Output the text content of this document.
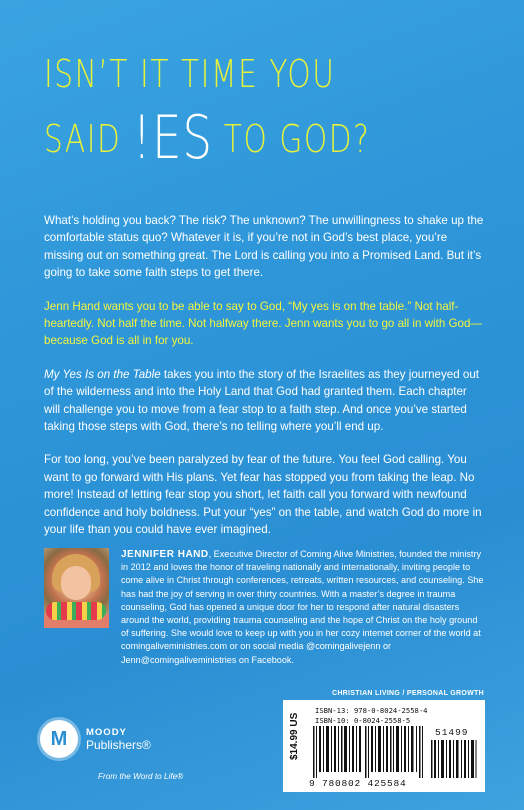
ISN’T IT TIME YOU
SAID !ES TO GOD?

What’s holding you back? The risk? The unknown? The unwillingness to shake up the comfortable status quo? Whatever it is, if you’re not in God’s best place, you’re missing out on something great. The Lord is calling you into a Promised Land. But it’s going to take some faith steps to get there.

Jenn Hand wants you to be able to say to God, “My yes is on the table.” Not half-heartedly. Not half the time. Not halfway there. Jenn wants you to go all in with God—because God is all in for you.

My Yes Is on the Table takes you into the story of the Israelites as they journeyed out of the wilderness and into the Holy Land that God had granted them. Each chapter will challenge you to move from a fear stop to a faith step. And once you’ve started taking those steps with God, there’s no telling where you’ll end up.

For too long, you’ve been paralyzed by fear of the future. You feel God calling. You want to go forward with His plans. Yet fear has stopped you from taking the leap. No more! Instead of letting fear stop you short, let faith call you forward with newfound confidence and holy boldness. Put your “yes” on the table, and watch God do more in your life than you could have ever imagined.

JENNIFER HAND, Executive Director of Coming Alive Ministries, founded the ministry in 2012 and loves the honor of traveling nationally and internationally, inviting people to come alive in Christ through conferences, retreats, written resources, and counseling. She has had the joy of serving in over thirty countries. With a master’s degree in trauma counseling, God has opened a unique door for her to respond after natural disasters around the world, providing trauma counseling and the hope of Christ on the holy ground of suffering. She would love to keep up with you in her cozy internet corner of the world at comingaliveministries.com or on social media @comingalivejenn or Jenn@comingaliveministries on Facebook.
CHRISTIAN LIVING / PERSONAL GROWTH
ISBN-13: 978-0-8024-2558-4
ISBN-10: 0-8024-2558-5
$14.99 US	51499
9 780802 425584
M	MOODY
Publishers®
From the Word to Life®
